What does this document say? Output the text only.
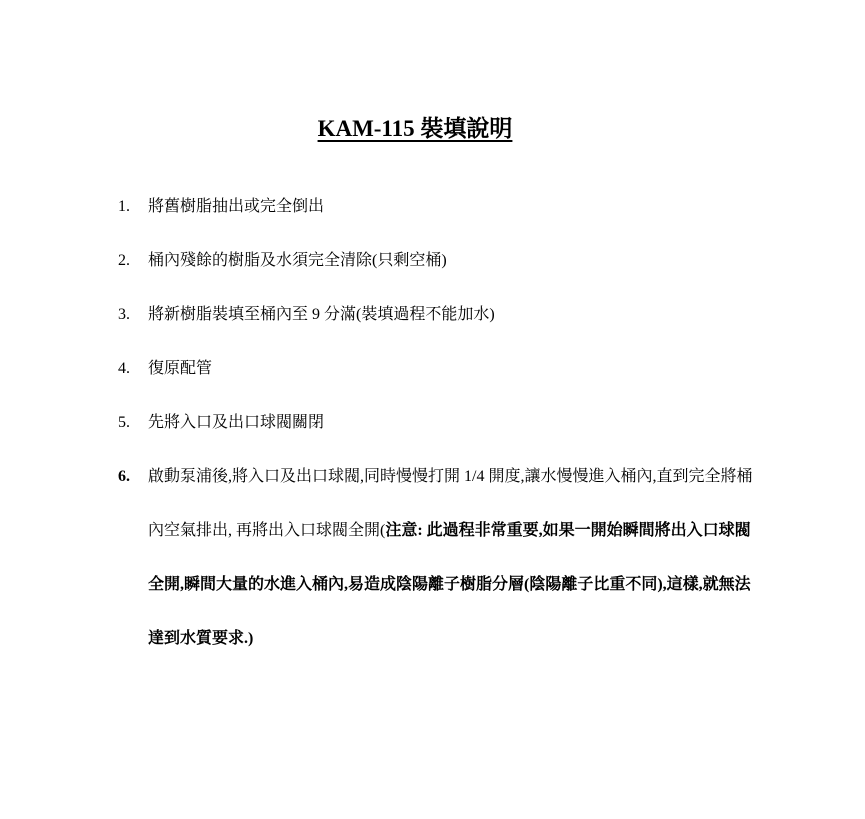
KAM-115 裝填說明
1.	將舊樹脂抽出或完全倒出
2.	桶內殘餘的樹脂及水須完全清除(只剩空桶)
3.	將新樹脂裝填至桶內至 9 分滿(裝填過程不能加水)
4.	復原配管
5.	先將入口及出口球閥關閉
6.	啟動泵浦後,將入口及出口球閥,同時慢慢打開 1/4 開度,讓水慢慢進入桶內,直到完全將桶內空氣排出, 再將出入口球閥全開(注意: 此過程非常重要,如果一開始瞬間將出入口球閥全開,瞬間大量的水進入桶內,易造成陰陽離子樹脂分層(陰陽離子比重不同),這樣,就無法達到水質要求.)
